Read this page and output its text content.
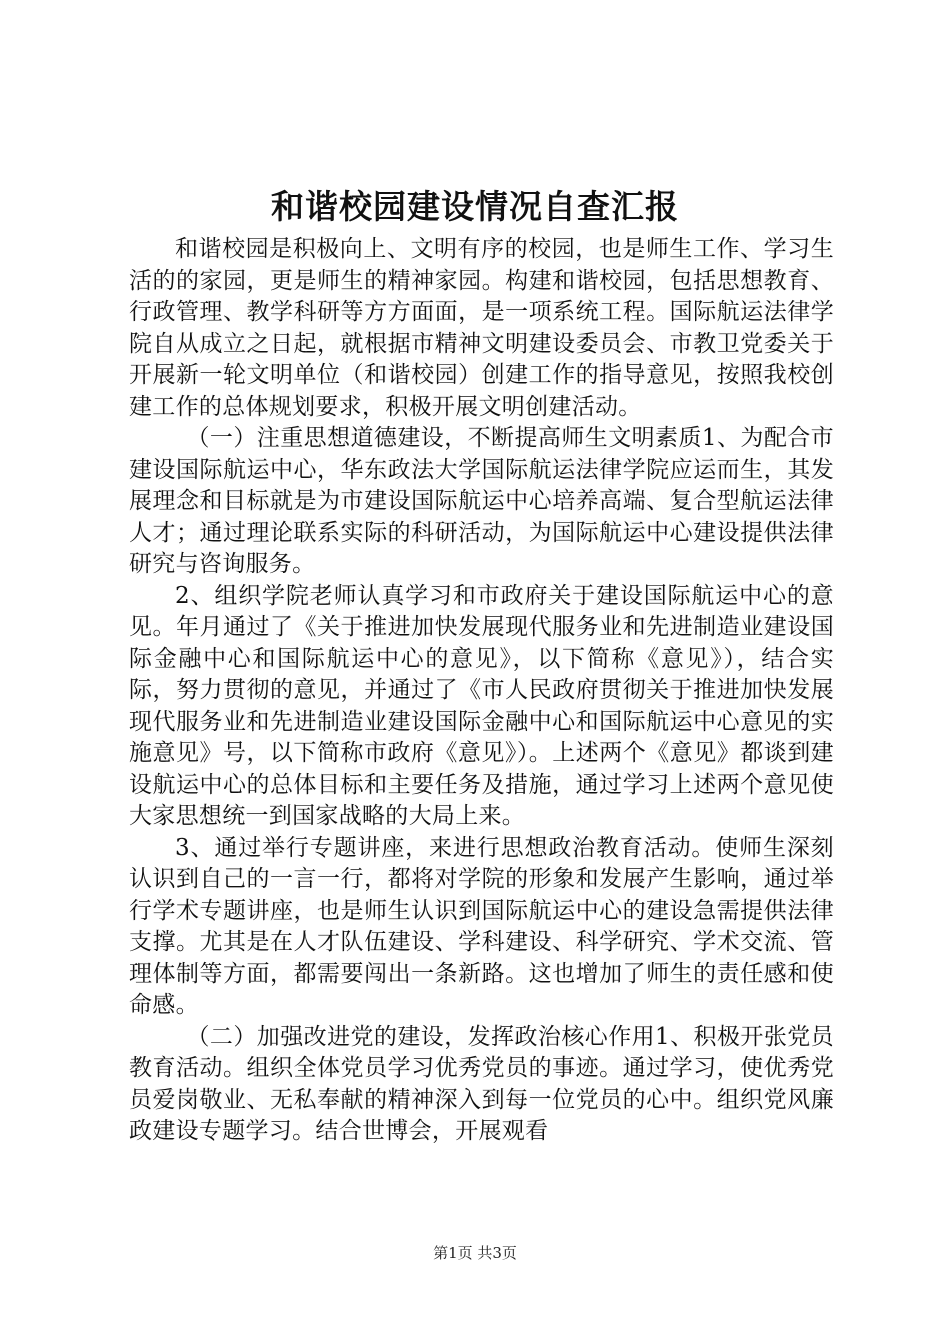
和谐校园建设情况自查汇报

和谐校园是积极向上、文明有序的校园，也是师生工作、学习生活的的家园，更是师生的精神家园。构建和谐校园，包括思想教育、行政管理、教学科研等方方面面，是一项系统工程。国际航运法律学院自从成立之日起，就根据市精神文明建设委员会、市教卫党委关于开展新一轮文明单位（和谐校园）创建工作的指导意见，按照我校创建工作的总体规划要求，积极开展文明创建活动。

（一）注重思想道德建设，不断提高师生文明素质1、为配合市建设国际航运中心，华东政法大学国际航运法律学院应运而生，其发展理念和目标就是为市建设国际航运中心培养高端、复合型航运法律人才；通过理论联系实际的科研活动，为国际航运中心建设提供法律研究与咨询服务。

2、组织学院老师认真学习和市政府关于建设国际航运中心的意见。年月通过了《关于推进加快发展现代服务业和先进制造业建设国际金融中心和国际航运中心的意见》，以下简称《意见》），结合实际，努力贯彻的意见，并通过了《市人民政府贯彻关于推进加快发展现代服务业和先进制造业建设国际金融中心和国际航运中心意见的实施意见》号，以下简称市政府《意见》）。上述两个《意见》都谈到建设航运中心的总体目标和主要任务及措施，通过学习上述两个意见使大家思想统一到国家战略的大局上来。

3、通过举行专题讲座，来进行思想政治教育活动。使师生深刻认识到自己的一言一行，都将对学院的形象和发展产生影响，通过举行学术专题讲座，也是师生认识到国际航运中心的建设急需提供法律支撑。尤其是在人才队伍建设、学科建设、科学研究、学术交流、管理体制等方面，都需要闯出一条新路。这也增加了师生的责任感和使命感。

（二）加强改进党的建设，发挥政治核心作用1、积极开张党员教育活动。组织全体党员学习优秀党员的事迹。通过学习，使优秀党员爱岗敬业、无私奉献的精神深入到每一位党员的心中。组织党风廉政建设专题学习。结合世博会，开展观看

第1页 共3页
